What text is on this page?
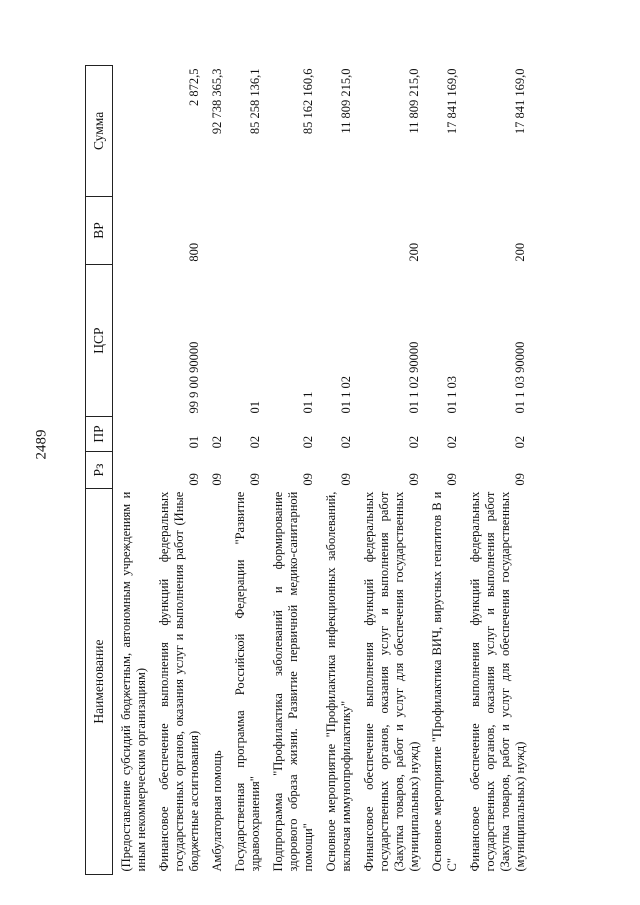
2489
Наименование	Рз	ПР	ЦСР	ВР	Сумма
(Предоставление субсидий бюджетным, автономным учреждениям и иным некоммерческим организациям)					
Финансовое обеспечение выполнения функций федеральных государственных органов, оказания услуг и выполнения работ (Иные бюджетные ассигнования)	09	01	99 9 00 90000	800	2 872,5
Амбулаторная помощь	09	02			92 738 365,3
Государственная программа Российской Федерации "Развитие здравоохранения"	09	02	01		85 258 136,1
Подпрограмма "Профилактика заболеваний и формирование здорового образа жизни. Развитие первичной медико-санитарной помощи"	09	02	01 1		85 162 160,6
Основное мероприятие "Профилактика инфекционных заболеваний, включая иммунопрофилактику"	09	02	01 1 02		11 809 215,0
Финансовое обеспечение выполнения функций федеральных государственных органов, оказания услуг и выполнения работ (Закупка товаров, работ и услуг для обеспечения государственных (муниципальных) нужд)	09	02	01 1 02 90000	200	11 809 215,0
Основное мероприятие "Профилактика ВИЧ, вирусных гепатитов В и С"	09	02	01 1 03		17 841 169,0
Финансовое обеспечение выполнения функций федеральных государственных органов, оказания услуг и выполнения работ (Закупка товаров, работ и услуг для обеспечения государственных (муниципальных) нужд)	09	02	01 1 03 90000	200	17 841 169,0
